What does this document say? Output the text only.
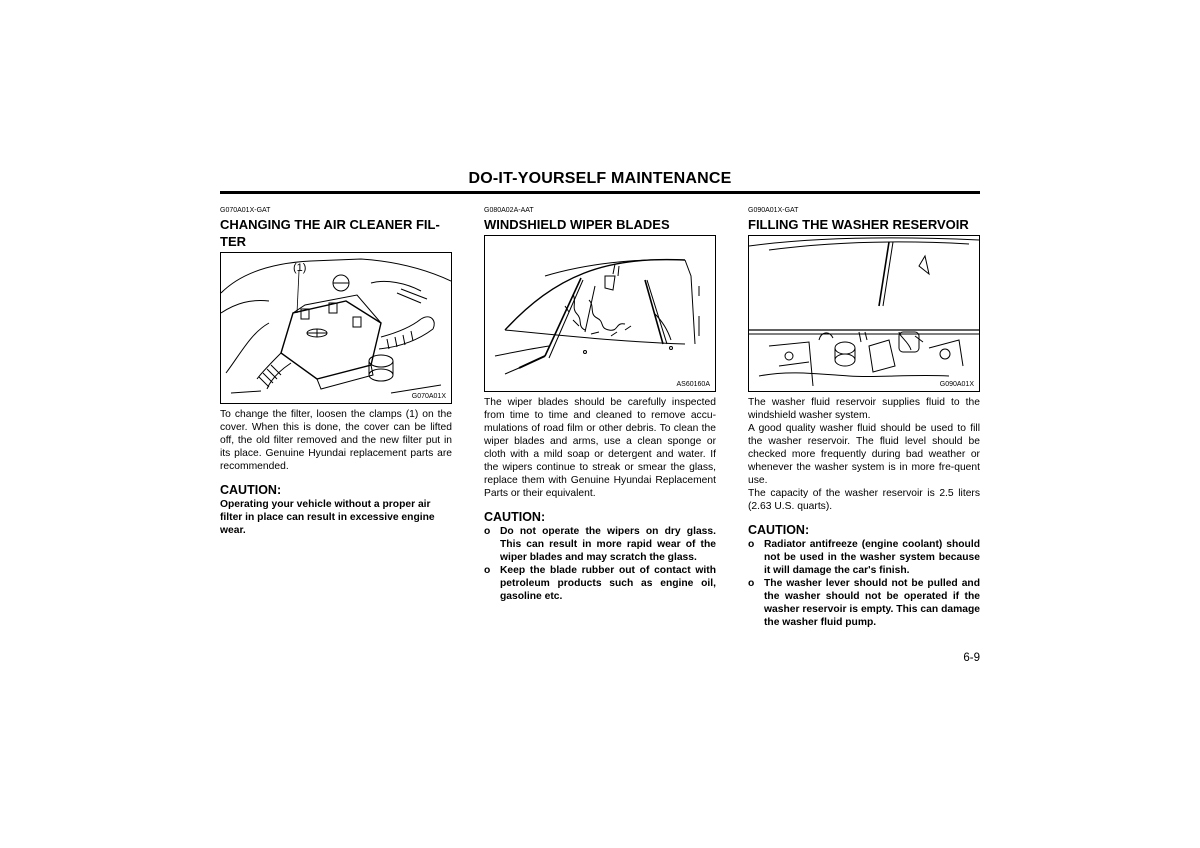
DO-IT-YOURSELF MAINTENANCE
G070A01X-GAT
CHANGING THE AIR CLEANER FIL-TER
(1)
G070A01X

To change the filter, loosen the clamps (1) on the cover. When this is done, the cover can be lifted off, the old filter removed and the new filter put in its place. Genuine Hyundai replacement parts are recommended.

CAUTION:

Operating your vehicle without a proper air filter in place can result in excessive engine wear.

G080A02A-AAT
WINDSHIELD WIPER BLADES
AS60160A

The wiper blades should be carefully inspected from time to time and cleaned to remove accu-mulations of road film or other debris. To clean the wiper blades and arms, use a clean sponge or cloth with a mild soap or detergent and water. If the wipers continue to streak or smear the glass, replace them with Genuine Hyundai Replacement Parts or their equivalent.

CAUTION:
o Do not operate the wipers on dry glass. This can result in more rapid wear of the wiper blades and may scratch the glass.
o Keep the blade rubber out of contact with petroleum products such as engine oil, gasoline etc.
G090A01X-GAT
FILLING THE WASHER RESERVOIR
G090A01X

The washer fluid reservoir supplies fluid to the windshield washer system.

A good quality washer fluid should be used to fill the washer reservoir. The fluid level should be checked more frequently during bad weather or whenever the washer system is in more fre-quent use.

The capacity of the washer reservoir is 2.5 liters (2.63 U.S. quarts).

CAUTION:
o Radiator antifreeze (engine coolant) should not be used in the washer system because it will damage the car's finish.
o The washer lever should not be pulled and the washer should not be operated if the washer reservoir is empty. This can damage the washer fluid pump.
6-9
